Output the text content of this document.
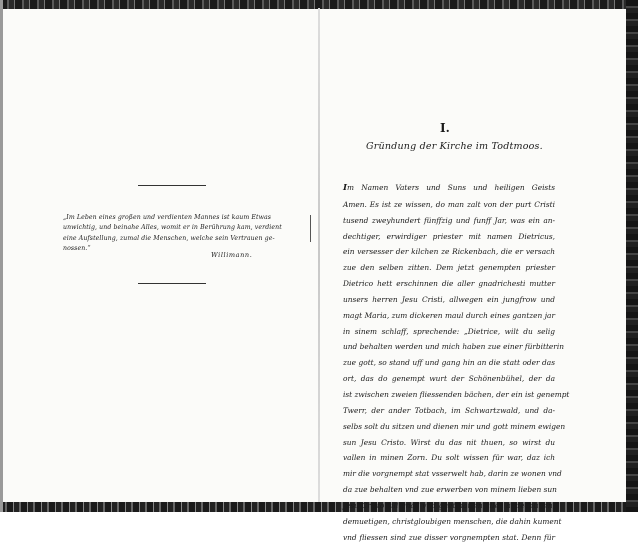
„Im Leben eines großen und verdienten Mannes ist kaum Etwas
unwichtig, und beinahe Alles, womit er in Berührung kam, verdient
eine Aufstellung, zumal die Menschen, welche sein Vertrauen ge-
nossen.“
Willimann.
I.
Gründung der Kirche im Todtmoos.
Im Namen Vaters und Suns und heiligen Geists
Amen. Es ist ze wissen, do man zalt von der purt Cristi
tusend zweyhundert fünffzig und funff Jar, was ein an-
dechtiger, erwirdiger priester mit namen Dietricus,
ein versesser der kilchen ze Rickenbach, die er versach
zue den selben zitten. Dem jetzt genempten priester
Dietrico hett erschinnen die aller gnadrichesti mutter
unsers herren Jesu Cristi, allwegen ein jungfrow und
magt Maria, zum dickeren maul durch eines gantzen jar
in sinem schlaff, sprechende: „Dietrice, wilt du selig
und behalten werden und mich haben zue einer fürbitterin
zue gott, so stand uff und gang hin an die statt oder das
ort, das do genempt wurt der Schönenbühel, der da
ist zwischen zweien fliessenden bächen, der ein ist genempt
Twerr, der ander Totbach, im Schwartzwald, und da-
selbs solt du sitzen und dienen mir und gott minem ewigen
sun Jesu Cristo. Wirst du das nit thuen, so wirst du
vallen in minen Zorn. Du solt wissen für war, daz ich
mir die vorgnempt stat vsserwelt hab, darin ze wonen vnd
da zue behalten vnd zue erwerben von minem lieben sun
Jesu Cristo vill gnad vnd guetthatten allen andechtigen,
demuetigen, christgloubigen menschen, die dahin kument
vnd fliessen sind zue disser vorgnempten stat. Denn für
